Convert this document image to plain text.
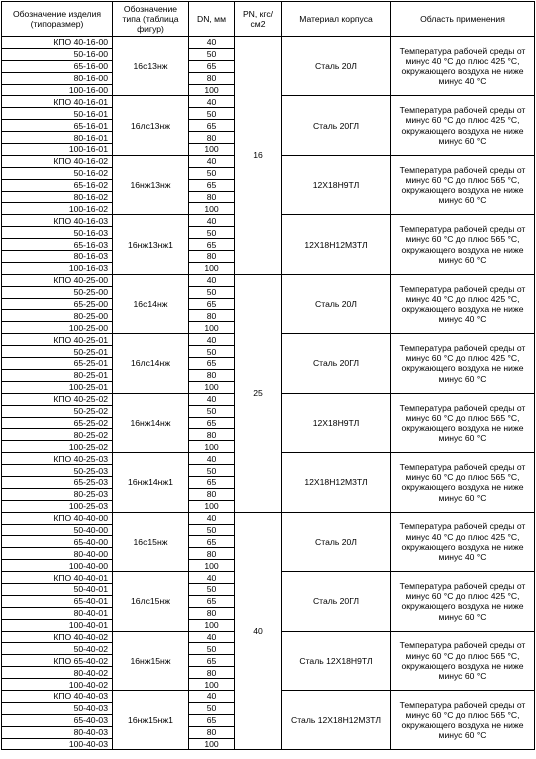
Обозначение изделия (типоразмер)	Обозначение типа (таблица фигур)	DN, мм	PN, кгс/см2	Материал корпуса	Область применения
КПО 40-16-00	16с13нж	40	16	Сталь 20Л	Температура рабочей среды от минус 40 °С до плюс 425 °С, окружающего воздуха не ниже минус 40 °С
50-16-00		50			
65-16-00		65			
80-16-00		80			
100-16-00		100			
КПО 40-16-01	16лс13нж	40		Сталь 20ГЛ	Температура рабочей среды от минус 60 °С до плюс 425 °С, окружающего воздуха не ниже минус 60 °С
50-16-01		50			
65-16-01		65			
80-16-01		80			
100-16-01		100			
КПО 40-16-02	16нж13нж	40		12Х18Н9ТЛ	Температура рабочей среды от минус 60 °С до плюс 565 °С, окружающего воздуха не ниже минус 60 °С
50-16-02		50			
65-16-02		65			
80-16-02		80			
100-16-02		100			
КПО 40-16-03	16нж13нж1	40		12Х18Н12М3ТЛ	Температура рабочей среды от минус 60 °С до плюс 565 °С, окружающего воздуха не ниже минус 60 °С
50-16-03		50			
65-16-03		65			
80-16-03		80			
100-16-03		100			
КПО 40-25-00	16с14нж	40	25	Сталь 20Л	Температура рабочей среды от минус 40 °С до плюс 425 °С, окружающего воздуха не ниже минус 40 °С
50-25-00		50			
65-25-00		65			
80-25-00		80			
100-25-00		100			
КПО 40-25-01	16лс14нж	40		Сталь 20ГЛ	Температура рабочей среды от минус 60 °С до плюс 425 °С, окружающего воздуха не ниже минус 60 °С
50-25-01		50			
65-25-01		65			
80-25-01		80			
100-25-01		100			
КПО 40-25-02	16нж14нж	40		12Х18Н9ТЛ	Температура рабочей среды от минус 60 °С до плюс 565 °С, окружающего воздуха не ниже минус 60 °С
50-25-02		50			
65-25-02		65			
80-25-02		80			
100-25-02		100			
КПО 40-25-03	16нж14нж1	40		12Х18Н12М3ТЛ	Температура рабочей среды от минус 60 °С до плюс 565 °С, окружающего воздуха не ниже минус 60 °С
50-25-03		50			
65-25-03		65			
80-25-03		80			
100-25-03		100			
КПО 40-40-00	16с15нж	40	40	Сталь 20Л	Температура рабочей среды от минус 40 °С до плюс 425 °С, окружающего воздуха не ниже минус 40 °С
50-40-00		50			
65-40-00		65			
80-40-00		80			
100-40-00		100			
КПО 40-40-01	16лс15нж	40		Сталь 20ГЛ	Температура рабочей среды от минус 60 °С до плюс 425 °С, окружающего воздуха не ниже минус 60 °С
50-40-01		50			
65-40-01		65			
80-40-01		80			
100-40-01		100			
КПО 40-40-02	16нж15нж	40		Сталь 12Х18Н9ТЛ	Температура рабочей среды от минус 60 °С до плюс 565 °С, окружающего воздуха не ниже минус 60 °С
50-40-02		50			
КПО 65-40-02		65			
80-40-02		80			
100-40-02		100			
КПО 40-40-03	16нж15нж1	40		Сталь 12Х18Н12М3ТЛ	Температура рабочей среды от минус 60 °С до плюс 565 °С, окружающего воздуха не ниже минус 60 °С
50-40-03		50			
65-40-03		65			
80-40-03		80			
100-40-03		100			
